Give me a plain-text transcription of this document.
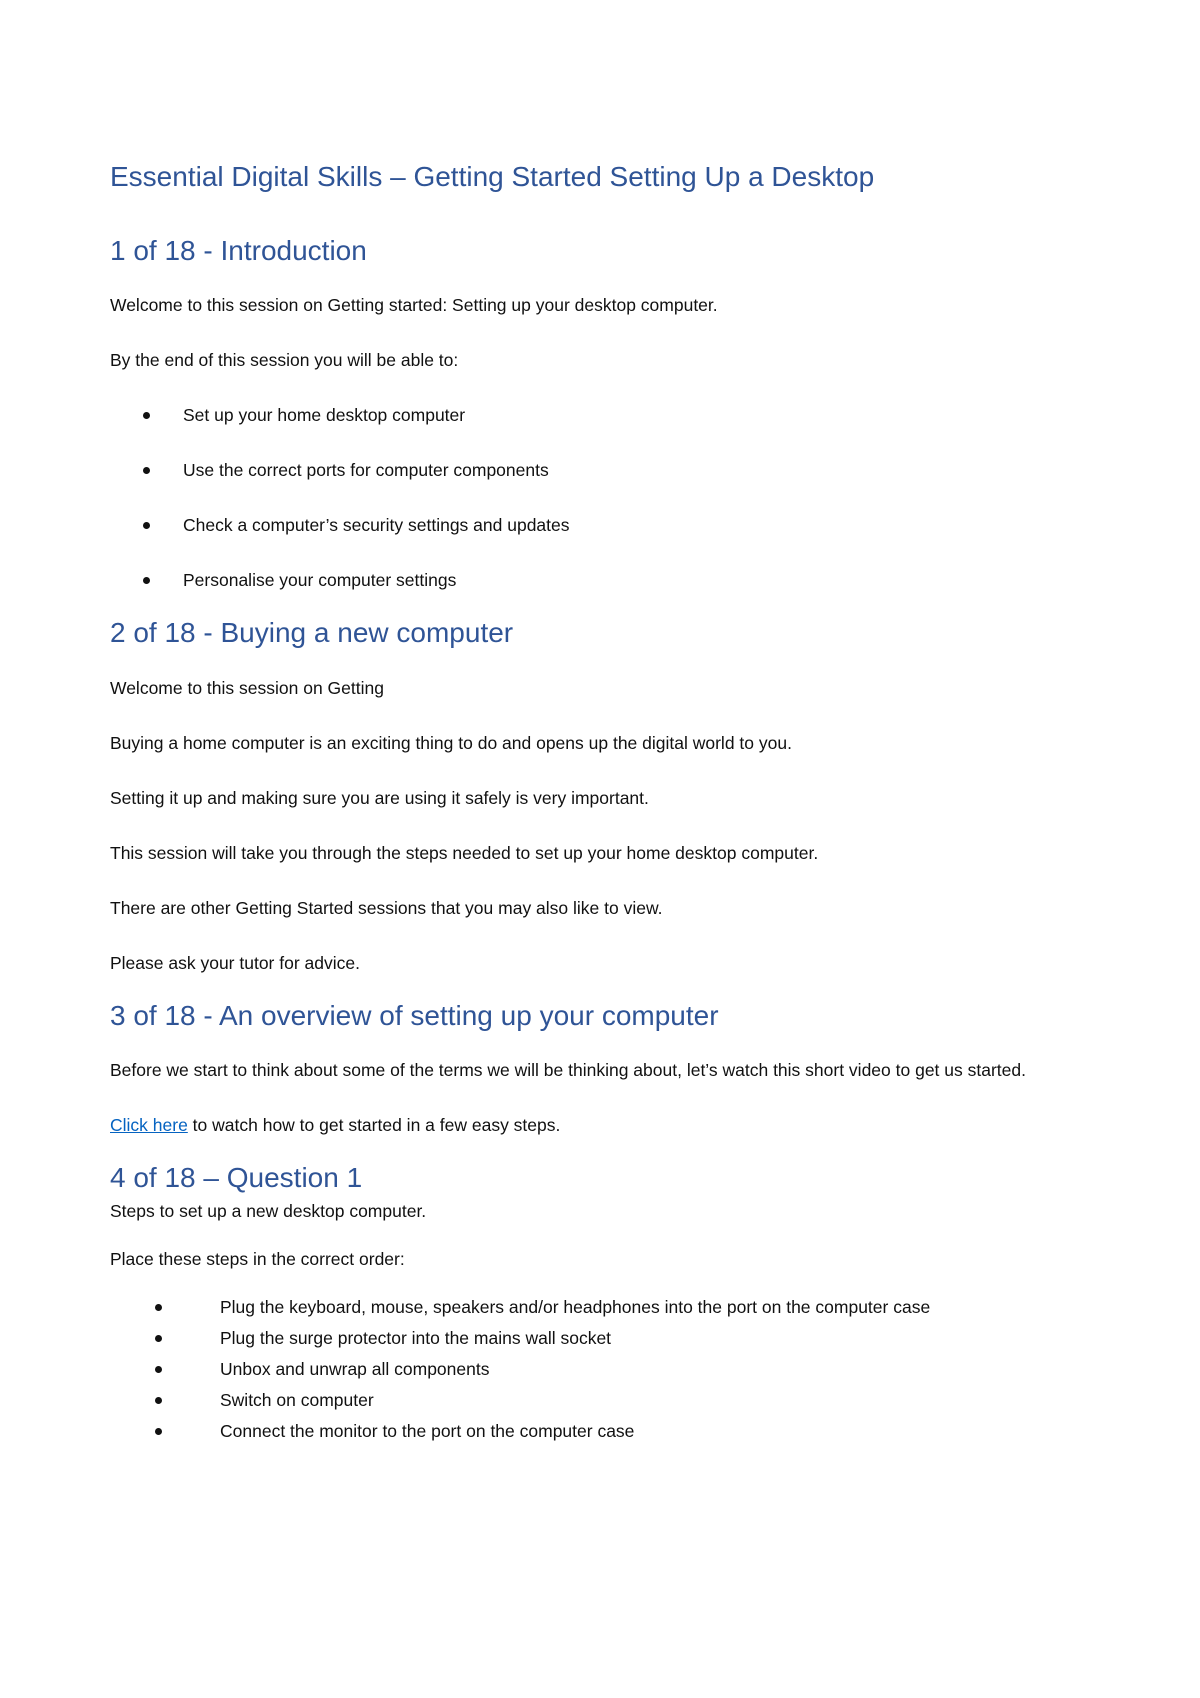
Essential Digital Skills – Getting Started Setting Up a Desktop
1 of 18 - Introduction

Welcome to this session on Getting started: Setting up your desktop computer.

By the end of this session you will be able to:

Set up your home desktop computer
Use the correct ports for computer components
Check a computer’s security settings and updates
Personalise your computer settings
2 of 18 - Buying a new computer

Welcome to this session on Getting

Buying a home computer is an exciting thing to do and opens up the digital world to you.

Setting it up and making sure you are using it safely is very important.

This session will take you through the steps needed to set up your home desktop computer.

There are other Getting Started sessions that you may also like to view.

Please ask your tutor for advice.

3 of 18 - An overview of setting up your computer

Before we start to think about some of the terms we will be thinking about, let’s watch this short video to get us started.

Click here to watch how to get started in a few easy steps.

4 of 18 – Question 1

Steps to set up a new desktop computer.

Place these steps in the correct order:

Plug the keyboard, mouse, speakers and/or headphones into the port on the computer case
Plug the surge protector into the mains wall socket
Unbox and unwrap all components
Switch on computer
Connect the monitor to the port on the computer case
